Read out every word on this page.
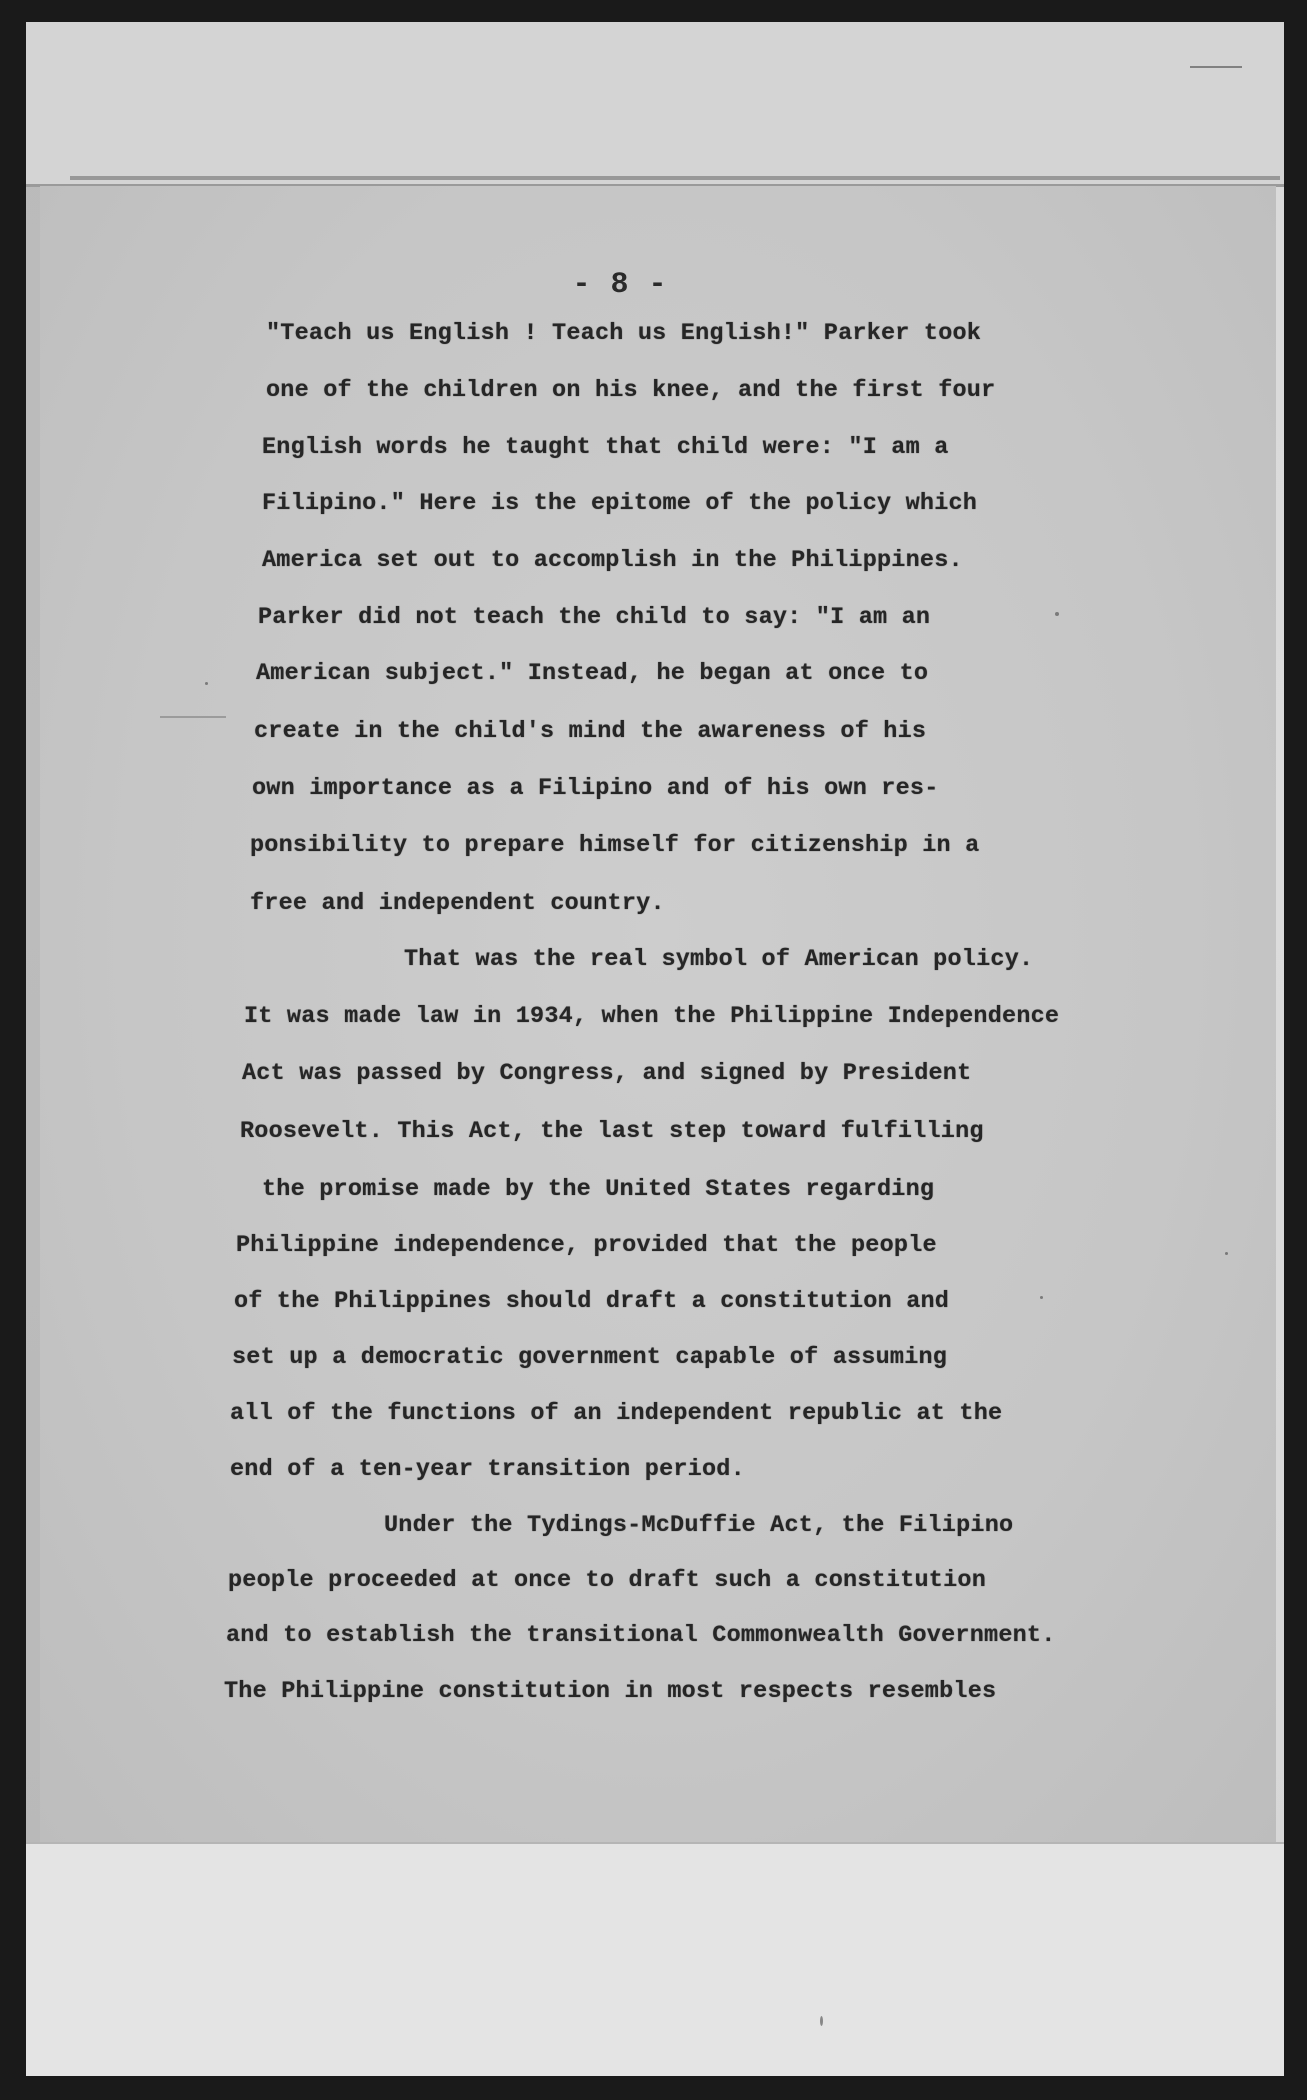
- 8 -
"Teach us English ! Teach us English!" Parker took
one of the children on his knee, and the first four
English words he taught that child were: "I am a
Filipino." Here is the epitome of the policy which
America set out to accomplish in the Philippines.
Parker did not teach the child to say: "I am an
American subject." Instead, he began at once to
create in the child's mind the awareness of his
own importance as a Filipino and of his own res-
ponsibility to prepare himself for citizenship in a
free and independent country.
That was the real symbol of American policy.
It was made law in 1934, when the Philippine Independence
Act was passed by Congress, and signed by President
Roosevelt. This Act, the last step toward fulfilling
the promise made by the United States regarding
Philippine independence, provided that the people
of the Philippines should draft a constitution and
set up a democratic government capable of assuming
all of the functions of an independent republic at the
end of a ten-year transition period.
Under the Tydings-McDuffie Act, the Filipino
people proceeded at once to draft such a constitution
and to establish the transitional Commonwealth Government.
The Philippine constitution in most respects resembles
